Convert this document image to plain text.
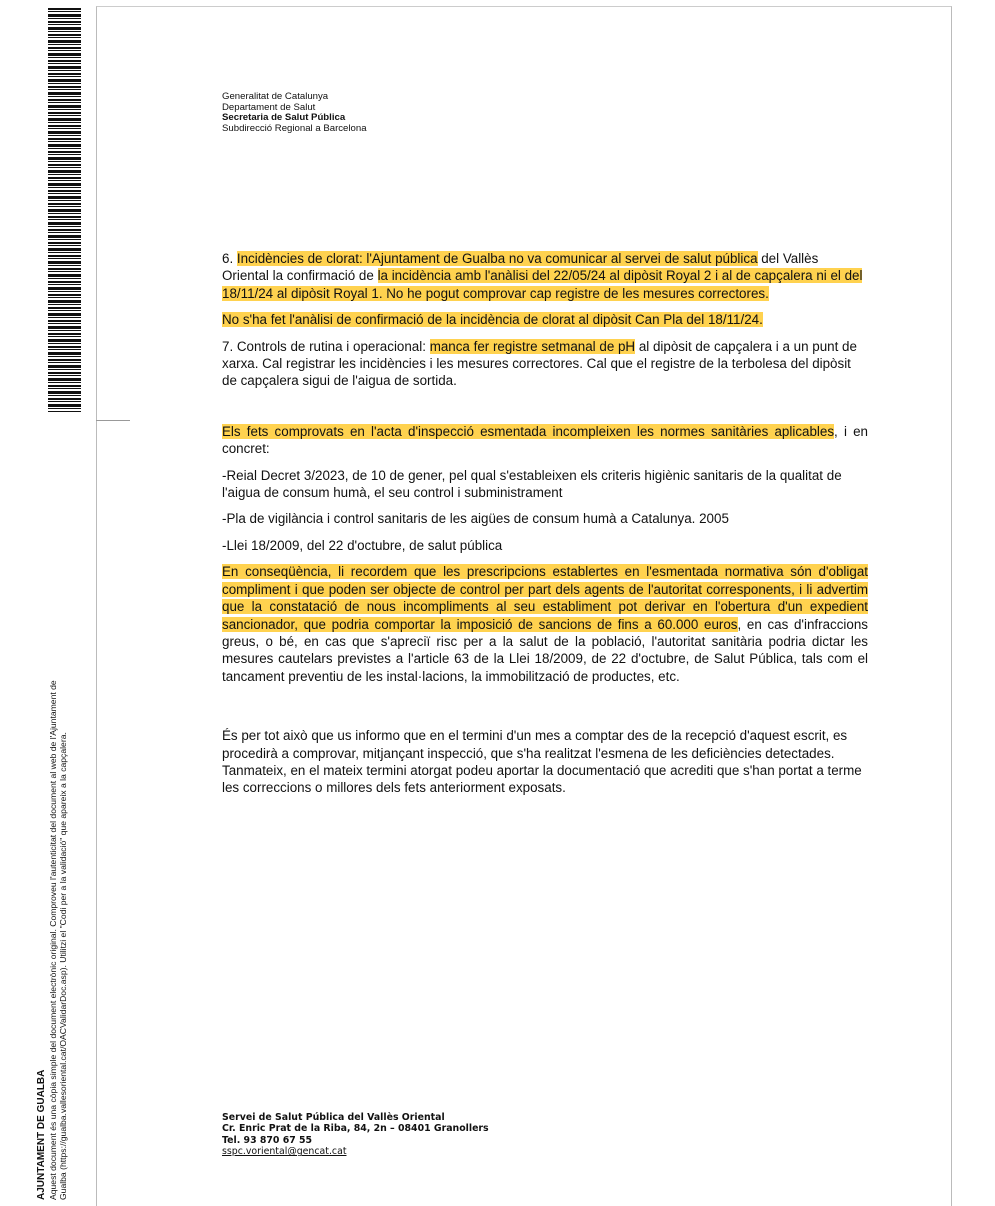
AJUNTAMENT DE GUALBA Aquest document és una còpia simple del document electrònic original. Comproveu l'autenticitat del document al web de l'Ajuntament de Gualba (https://gualba.vallesoriental.cat/OACValidarDoc.asp). Utilitzi el "Codi per a la validació" que apareix a la capçalera.
Generalitat de Catalunya
Departament de Salut
Secretaria de Salut Pública
Subdirecció Regional a Barcelona

6. Incidències de clorat: l'Ajuntament de Gualba no va comunicar al servei de salut pública del Vallès Oriental la confirmació de la incidència amb l'anàlisi del 22/05/24 al dipòsit Royal 2 i al de capçalera ni el del 18/11/24 al dipòsit Royal 1. No he pogut comprovar cap registre de les mesures correctores.

No s'ha fet l'anàlisi de confirmació de la incidència de clorat al dipòsit Can Pla del 18/11/24.

7. Controls de rutina i operacional: manca fer registre setmanal de pH al dipòsit de capçalera i a un punt de xarxa. Cal registrar les incidències i les mesures correctores. Cal que el registre de la terbolesa del dipòsit de capçalera sigui de l'aigua de sortida.

Els fets comprovats en l'acta d'inspecció esmentada incompleixen les normes sanitàries aplicables, i en concret:

-Reial Decret 3/2023, de 10 de gener, pel qual s'estableixen els criteris higiènic sanitaris de la qualitat de l'aigua de consum humà, el seu control i subministrament

-Pla de vigilància i control sanitaris de les aigües de consum humà a Catalunya. 2005

-Llei 18/2009, del 22 d'octubre, de salut pública

En conseqüència, li recordem que les prescripcions establertes en l'esmentada normativa són d'obligat compliment i que poden ser objecte de control per part dels agents de l'autoritat corresponents, i li advertim que la constatació de nous incompliments al seu establiment pot derivar en l'obertura d'un expedient sancionador, que podria comportar la imposició de sancions de fins a 60.000 euros, en cas d'infraccions greus, o bé, en cas que s'apreciï risc per a la salut de la població, l'autoritat sanitària podria dictar les mesures cautelars previstes a l'article 63 de la Llei 18/2009, de 22 d'octubre, de Salut Pública, tals com el tancament preventiu de les instal·lacions, la immobilització de productes, etc.

És per tot això que us informo que en el termini d'un mes a comptar des de la recepció d'aquest escrit, es procedirà a comprovar, mitjançant inspecció, que s'ha realitzat l'esmena de les deficiències detectades. Tanmateix, en el mateix termini atorgat podeu aportar la documentació que acrediti que s'han portat a terme les correccions o millores dels fets anteriorment exposats.

Servei de Salut Pública del Vallès Oriental
Cr. Enric Prat de la Riba, 84, 2n – 08401 Granollers
Tel. 93 870 67 55
sspc.voriental@gencat.cat
